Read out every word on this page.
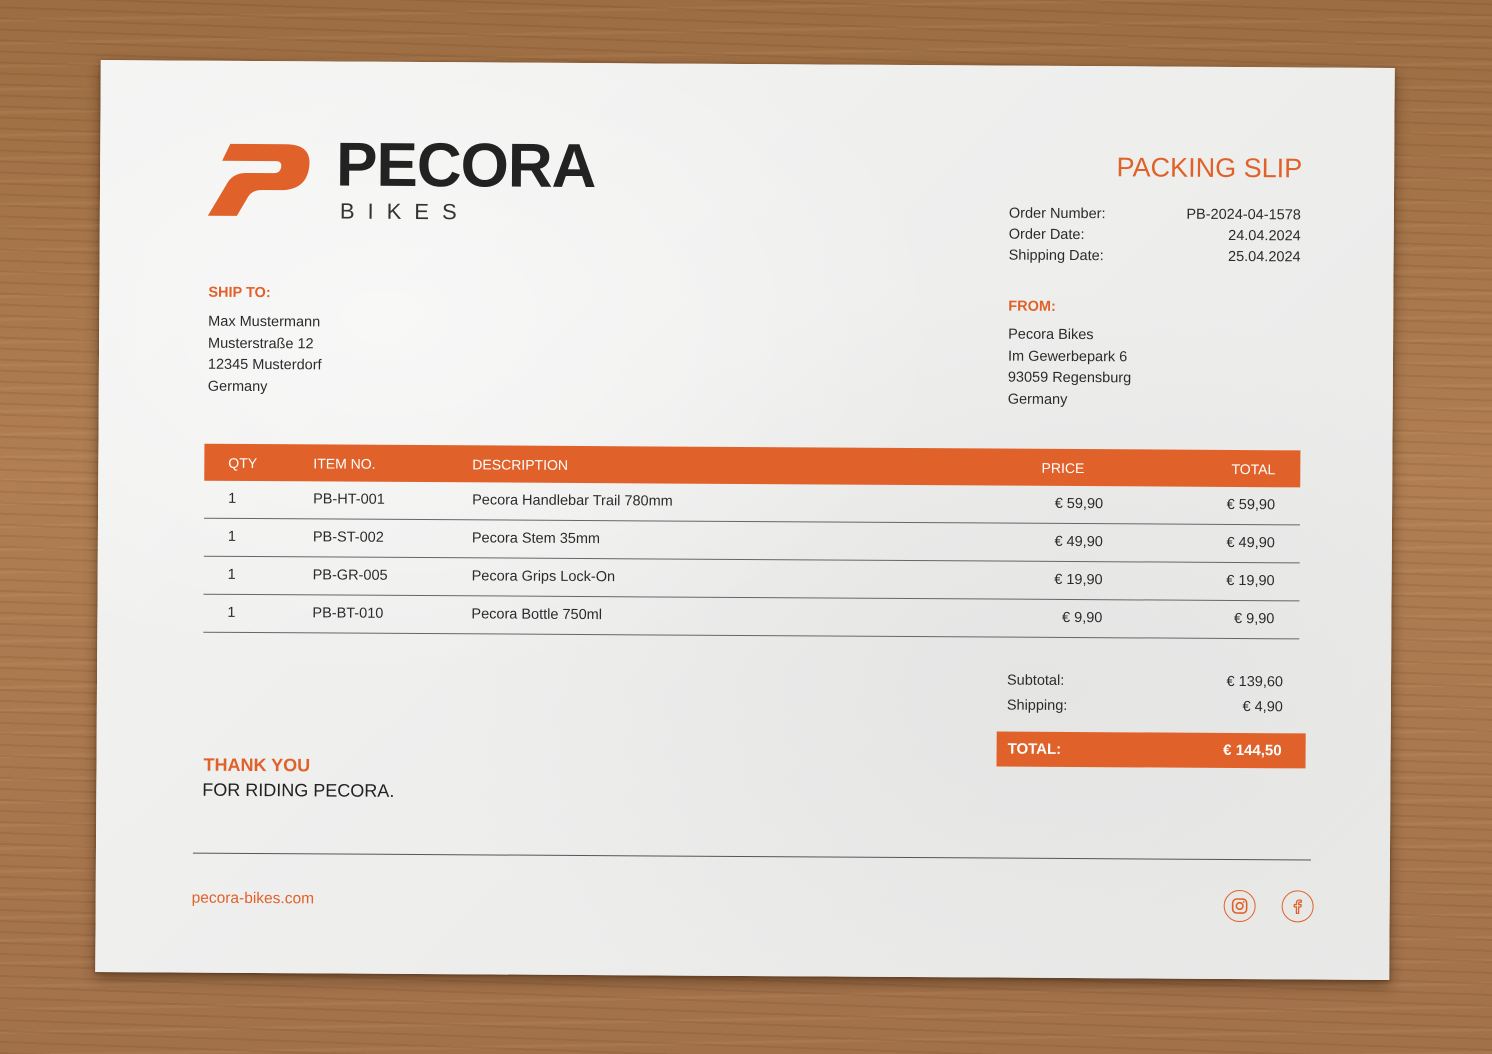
PECORA
BIKES
PACKING SLIP
Order Number:	PB-2024-04-1578
Order Date:	24.04.2024
Shipping Date:	25.04.2024
SHIP TO:
Max Mustermann
Musterstraße 12
12345 Musterdorf
Germany
FROM:
Pecora Bikes
Im Gewerbepark 6
93059 Regensburg
Germany
QTY	ITEM NO.	DESCRIPTION	PRICE	TOTAL
1	PB-HT-001	Pecora Handlebar Trail 780mm	€ 59,90	€ 59,90
1	PB-ST-002	Pecora Stem 35mm	€ 49,90	€ 49,90
1	PB-GR-005	Pecora Grips Lock-On	€ 19,90	€ 19,90
1	PB-BT-010	Pecora Bottle 750ml	€ 9,90	€ 9,90
Subtotal:	€ 139,60
Shipping:	€ 4,90
TOTAL:	€ 144,50
THANK YOU
FOR RIDING PECORA.
pecora-bikes.com
